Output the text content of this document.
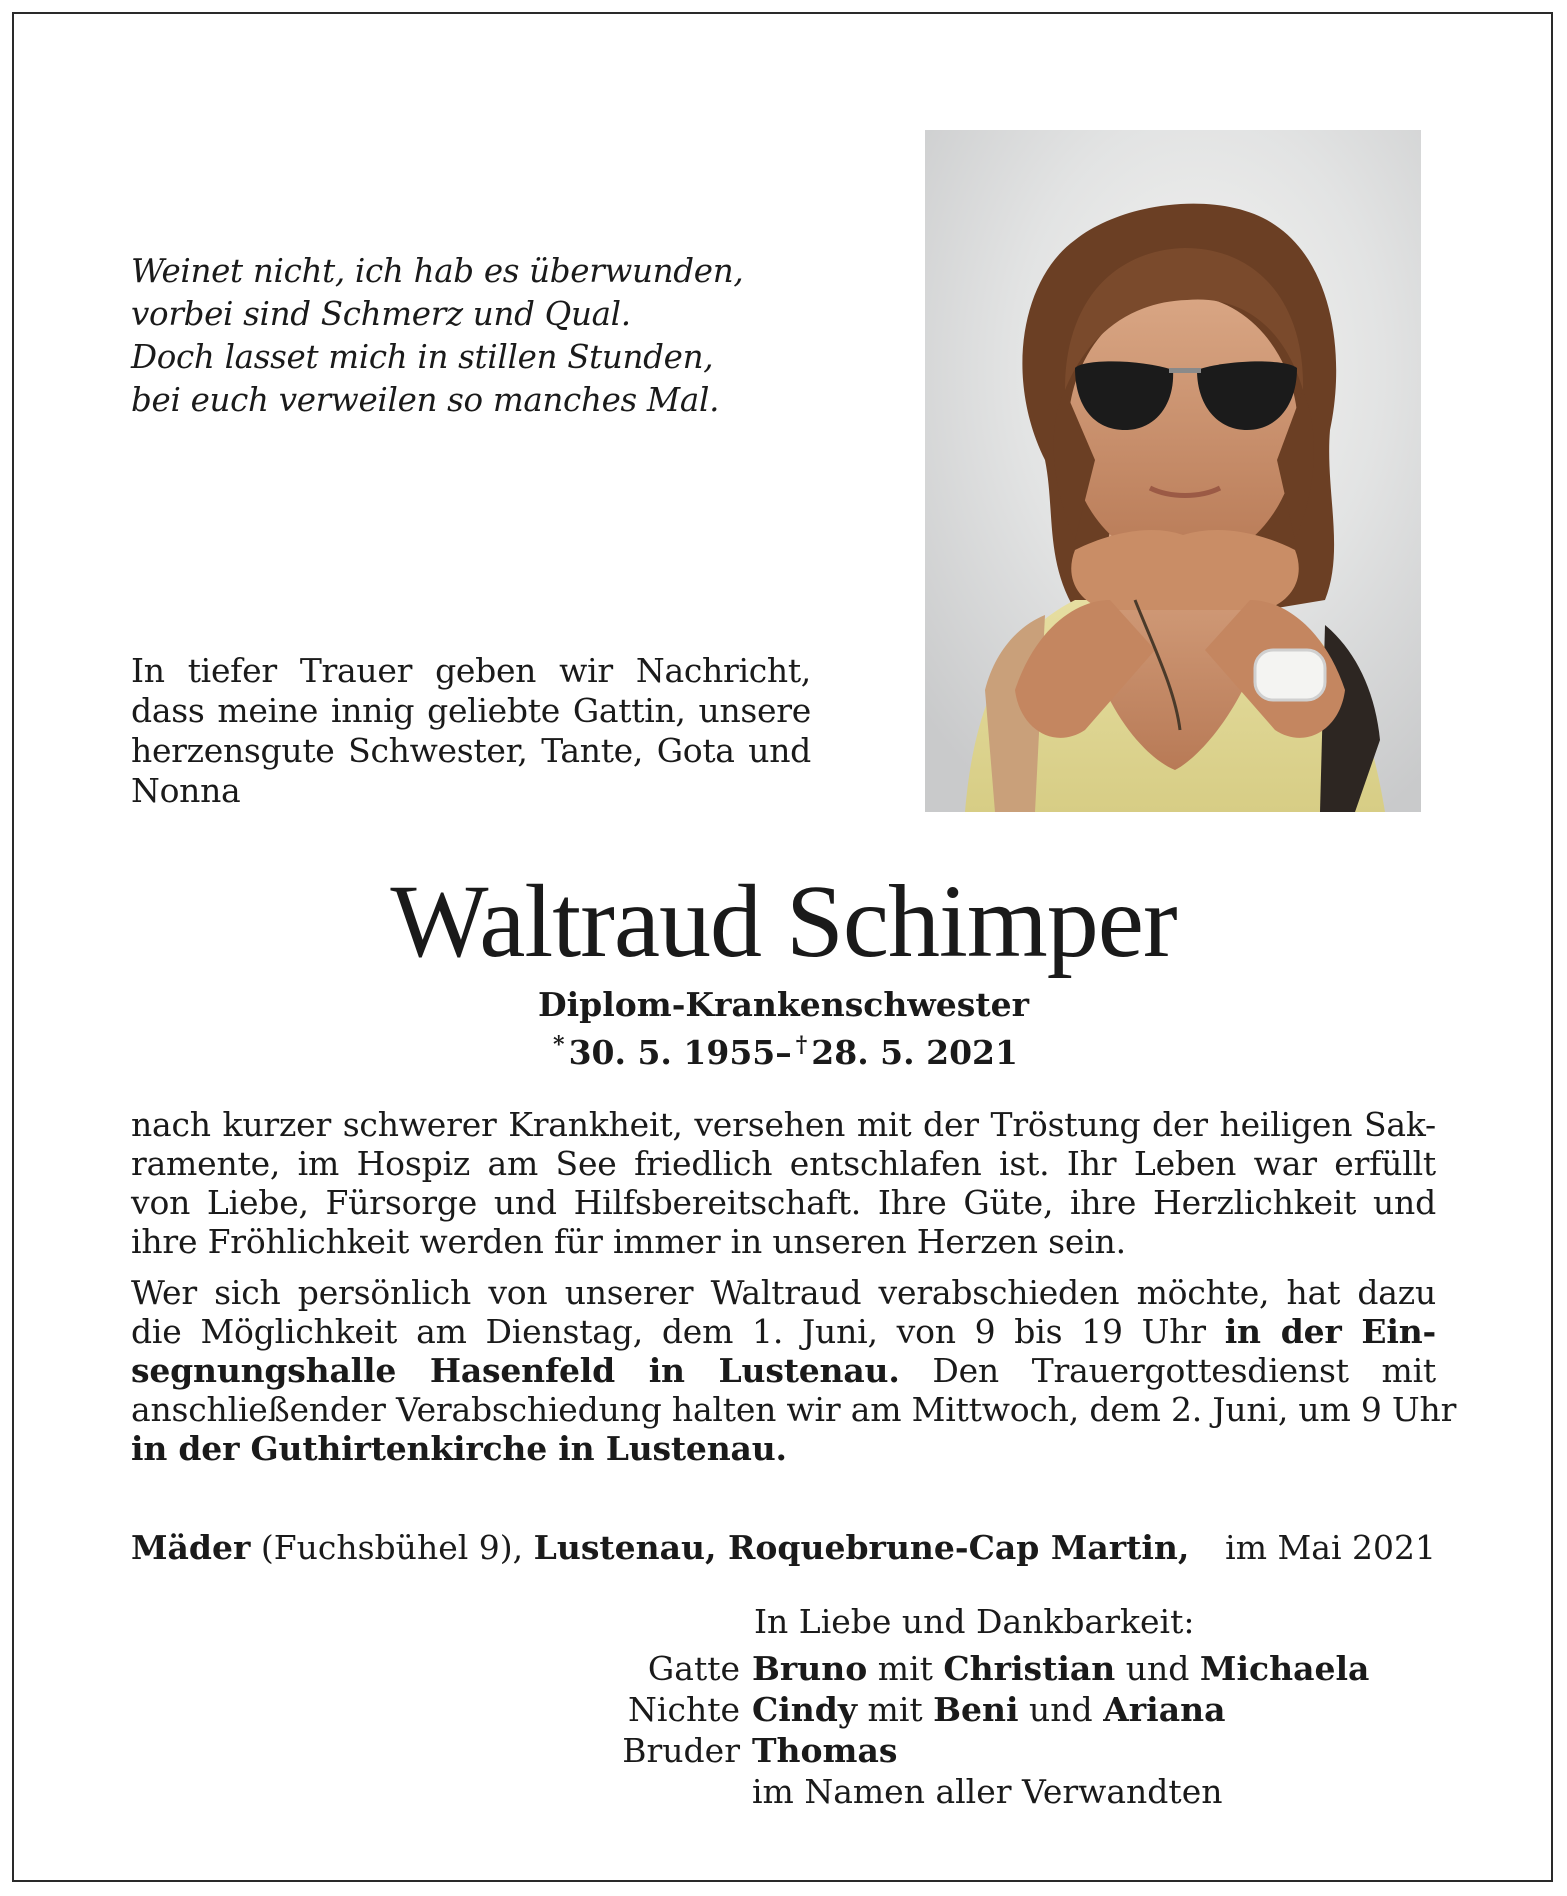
Weinet nicht, ich hab es überwunden,
vorbei sind Schmerz und Qual.
Doch lasset mich in stillen Stunden,
bei euch verweilen so manches Mal.
In tiefer Trauer geben wir Nachricht, dass meine innig geliebte Gattin, unsere herzensgute Schwester, Tante, Gota und Nonna
Waltraud Schimper
Diplom-Krankenschwester
* 30. 5. 1955– † 28. 5. 2021
nach kurzer schwerer Krankheit, versehen mit der Tröstung der heiligen Sak-
ramente, im Hospiz am See friedlich entschlafen ist. Ihr Leben war erfüllt
von Liebe, Fürsorge und Hilfsbereitschaft. Ihre Güte, ihre Herzlichkeit und
ihre Fröhlichkeit werden für immer in unseren Herzen sein.
Wer sich persönlich von unserer Waltraud verabschieden möchte, hat dazu
die Möglichkeit am Dienstag, dem 1. Juni, von 9 bis 19 Uhr in der Ein-
segnungshalle Hasenfeld in Lustenau. Den Trauergottesdienst mit
anschließender Verabschiedung halten wir am Mittwoch, dem 2. Juni, um 9 Uhr
in der Guthirtenkirche in Lustenau.
Mäder (Fuchsbühel 9), Lustenau, Roquebrune-Cap Martin, im Mai 2021
In Liebe und Dankbarkeit:
Gatte Bruno mit Christian und Michaela
Nichte Cindy mit Beni und Ariana
Bruder Thomas
im Namen aller Verwandten
